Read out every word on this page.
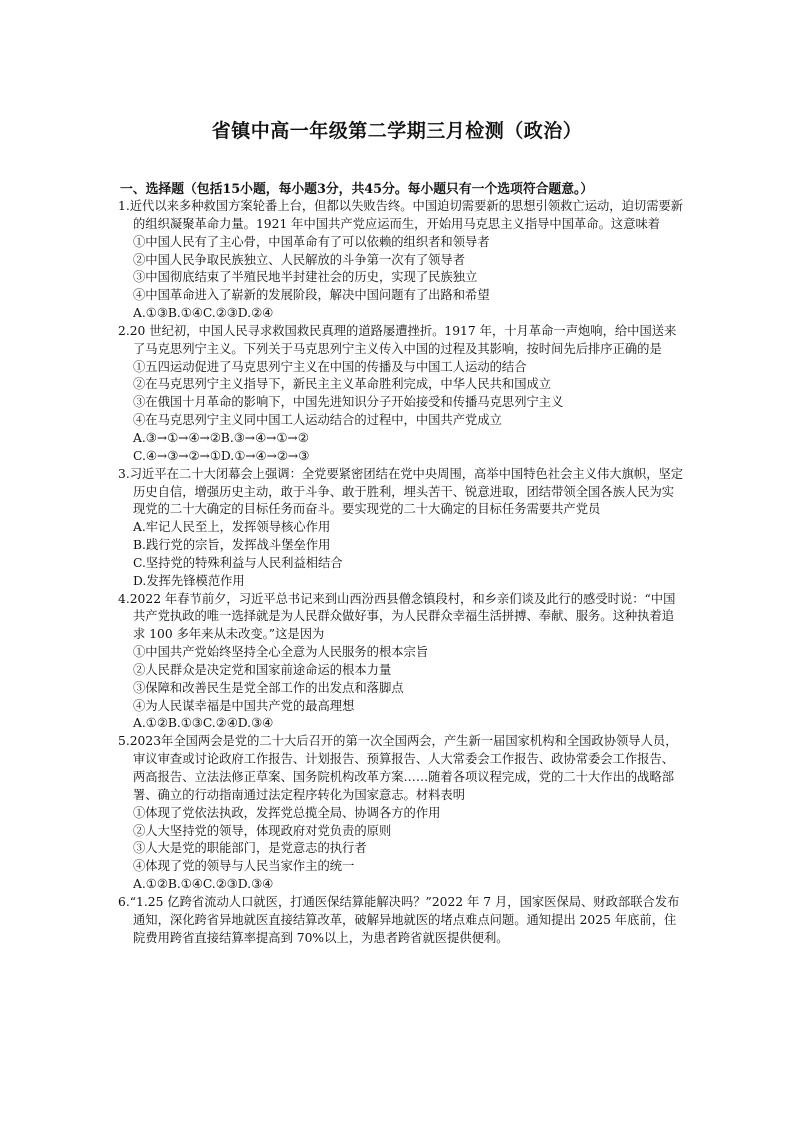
省镇中高一年级第二学期三月检测（政治）
一、选择题（包括15小题，每小题3分，共45分。每小题只有一个选项符合题意。）
1.近代以来多种救国方案轮番上台，但都以失败告终。中国迫切需要新的思想引领救亡运动，迫切需要新的组织凝聚革命力量。1921 年中国共产党应运而生，开始用马克思主义指导中国革命。这意味着
①中国人民有了主心骨，中国革命有了可以依赖的组织者和领导者
②中国人民争取民族独立、人民解放的斗争第一次有了领导者
③中国彻底结束了半殖民地半封建社会的历史，实现了民族独立
④中国革命进入了崭新的发展阶段，解决中国问题有了出路和希望
A.①③B.①④C.②③D.②④
2.20 世纪初，中国人民寻求救国救民真理的道路屡遭挫折。1917 年，十月革命一声炮响，给中国送来了马克思列宁主义。下列关于马克思列宁主义传入中国的过程及其影响，按时间先后排序正确的是
①五四运动促进了马克思列宁主义在中国的传播及与中国工人运动的结合
②在马克思列宁主义指导下，新民主主义革命胜利完成，中华人民共和国成立
③在俄国十月革命的影响下，中国先进知识分子开始接受和传播马克思列宁主义
④在马克思列宁主义同中国工人运动结合的过程中，中国共产党成立
A.③→①→④→②B.③→④→①→②
C.④→③→②→①D.①→④→②→③
3.习近平在二十大闭幕会上强调：全党要紧密团结在党中央周围，高举中国特色社会主义伟大旗帜，坚定历史自信，增强历史主动，敢于斗争、敢于胜利，埋头苦干、锐意进取，团结带领全国各族人民为实现党的二十大确定的目标任务而奋斗。要实现党的二十大确定的目标任务需要共产党员
A.牢记人民至上，发挥领导核心作用
B.践行党的宗旨，发挥战斗堡垒作用
C.坚持党的特殊利益与人民利益相结合
D.发挥先锋模范作用
4.2022 年春节前夕，习近平总书记来到山西汾西县僧念镇段村，和乡亲们谈及此行的感受时说：“中国共产党执政的唯一选择就是为人民群众做好事，为人民群众幸福生活拼搏、奉献、服务。这种执着追求 100 多年来从未改变。”这是因为
①中国共产党始终坚持全心全意为人民服务的根本宗旨
②人民群众是决定党和国家前途命运的根本力量
③保障和改善民生是党全部工作的出发点和落脚点
④为人民谋幸福是中国共产党的最高理想
A.①②B.①③C.②④D.③④
5.2023年全国两会是党的二十大后召开的第一次全国两会，产生新一届国家机构和全国政协领导人员，审议审查或讨论政府工作报告、计划报告、预算报告、人大常委会工作报告、政协常委会工作报告、两高报告、立法法修正草案、国务院机构改革方案……随着各项议程完成，党的二十大作出的战略部署、确立的行动指南通过法定程序转化为国家意志。材料表明
①体现了党依法执政，发挥党总揽全局、协调各方的作用
②人大坚持党的领导，体现政府对党负责的原则
③人大是党的职能部门，是党意志的执行者
④体现了党的领导与人民当家作主的统一
A.①②B.①④C.②③D.③④
6.“1.25 亿跨省流动人口就医，打通医保结算能解决吗？”2022 年 7 月，国家医保局、财政部联合发布通知，深化跨省异地就医直接结算改革，破解异地就医的堵点难点问题。通知提出 2025 年底前，住院费用跨省直接结算率提高到 70%以上，为患者跨省就医提供便利。
